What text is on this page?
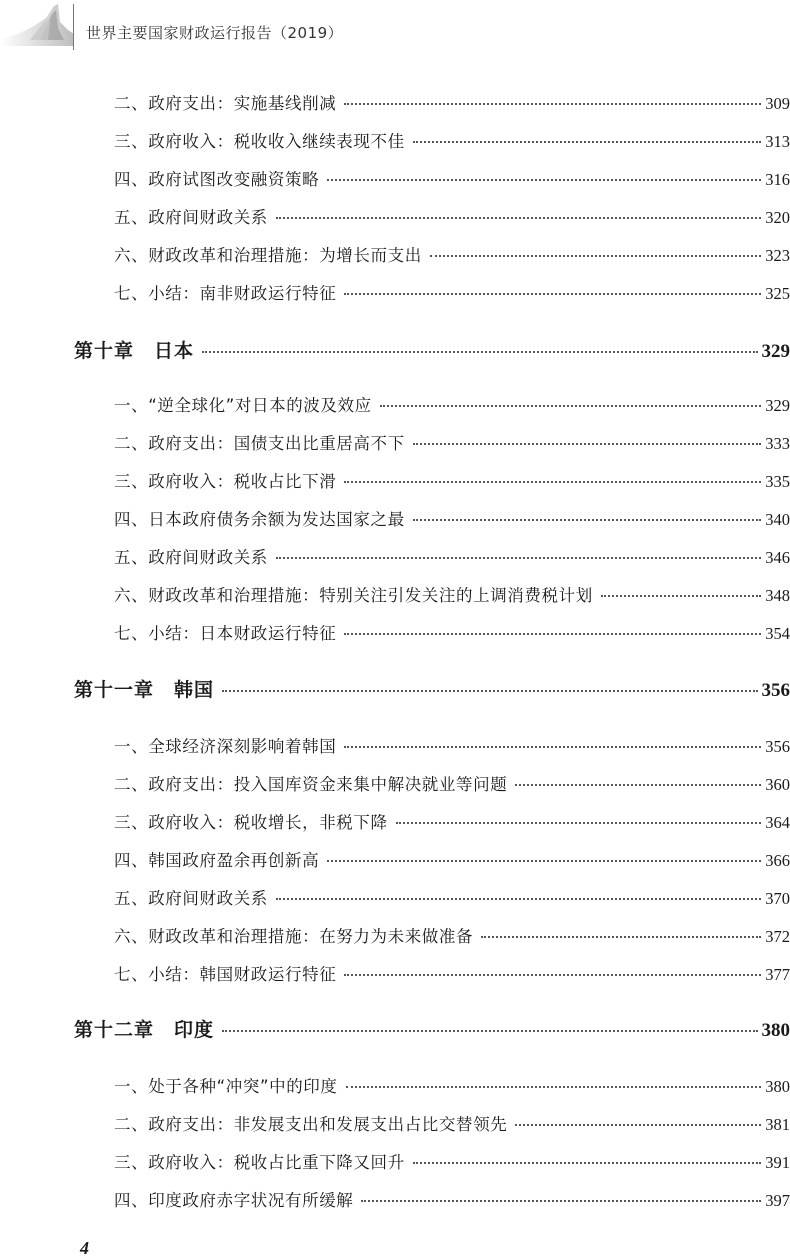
世界主要国家财政运行报告（2019）
二、政府支出：实施基线削减	309
三、政府收入：税收收入继续表现不佳	313
四、政府试图改变融资策略	316
五、政府间财政关系	320
六、财政改革和治理措施：为增长而支出	323
七、小结：南非财政运行特征	325
第十章　日本	329
一、“逆全球化”对日本的波及效应	329
二、政府支出：国债支出比重居高不下	333
三、政府收入：税收占比下滑	335
四、日本政府债务余额为发达国家之最	340
五、政府间财政关系	346
六、财政改革和治理措施：特别关注引发关注的上调消费税计划	348
七、小结：日本财政运行特征	354
第十一章　韩国	356
一、全球经济深刻影响着韩国	356
二、政府支出：投入国库资金来集中解决就业等问题	360
三、政府收入：税收增长，非税下降	364
四、韩国政府盈余再创新高	366
五、政府间财政关系	370
六、财政改革和治理措施：在努力为未来做准备	372
七、小结：韩国财政运行特征	377
第十二章　印度	380
一、处于各种“冲突”中的印度	380
二、政府支出：非发展支出和发展支出占比交替领先	381
三、政府收入：税收占比重下降又回升	391
四、印度政府赤字状况有所缓解	397
4
